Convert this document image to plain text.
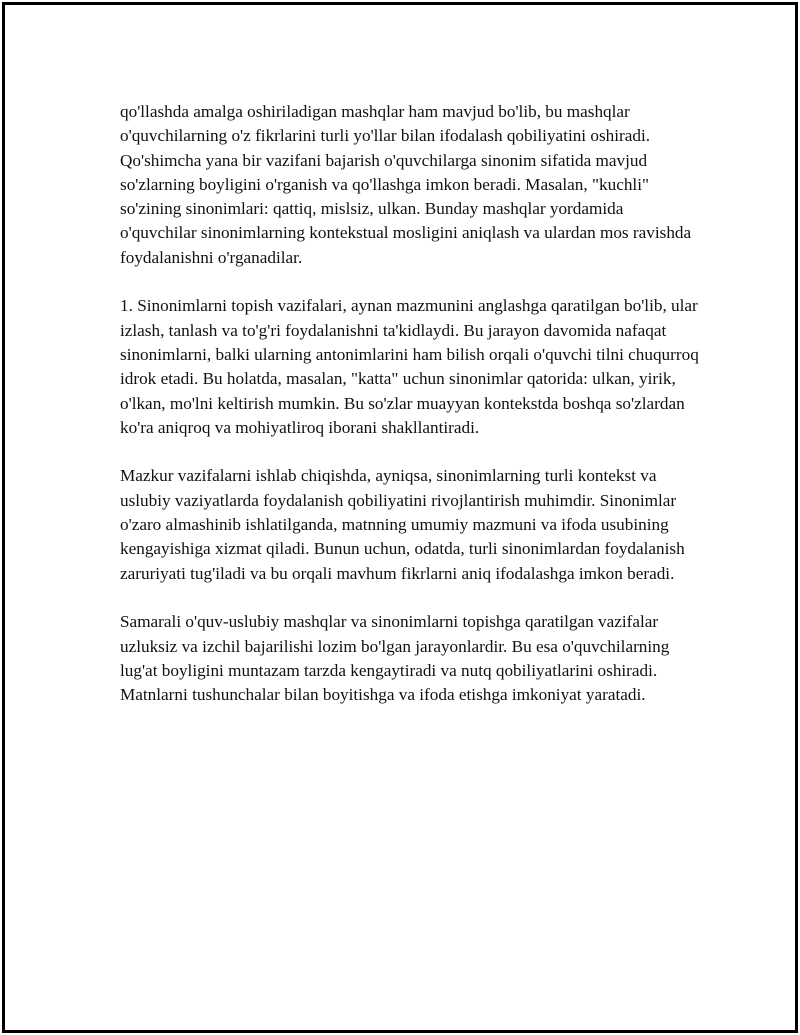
qo'llashda amalga oshiriladigan mashqlar ham mavjud bo'lib, bu mashqlar o'quvchilarning o'z fikrlarini turli yo'llar bilan ifodalash qobiliyatini oshiradi. Qo'shimcha yana bir vazifani bajarish o'quvchilarga sinonim sifatida mavjud so'zlarning boyligini o'rganish va qo'llashga imkon beradi. Masalan, "kuchli" so'zining sinonimlari: qattiq, mislsiz, ulkan. Bunday mashqlar yordamida o'quvchilar sinonimlarning kontekstual mosligini aniqlash va ulardan mos ravishda foydalanishni o'rganadilar.

1. Sinonimlarni topish vazifalari, aynan mazmunini anglashga qaratilgan bo'lib, ular izlash, tanlash va to'g'ri foydalanishni ta'kidlaydi. Bu jarayon davomida nafaqat sinonimlarni, balki ularning antonimlarini ham bilish orqali o'quvchi tilni chuqurroq idrok etadi. Bu holatda, masalan, "katta" uchun sinonimlar qatorida: ulkan, yirik, o'lkan, mo'lni keltirish mumkin. Bu so'zlar muayyan kontekstda boshqa so'zlardan ko'ra aniqroq va mohiyatliroq iborani shakllantiradi.

Mazkur vazifalarni ishlab chiqishda, ayniqsa, sinonimlarning turli kontekst va uslubiy vaziyatlarda foydalanish qobiliyatini rivojlantirish muhimdir. Sinonimlar o'zaro almashinib ishlatilganda, matnning umumiy mazmuni va ifoda usubining kengayishiga xizmat qiladi. Bunun uchun, odatda, turli sinonimlardan foydalanish zaruriyati tug'iladi va bu orqali mavhum fikrlarni aniq ifodalashga imkon beradi.

Samarali o'quv-uslubiy mashqlar va sinonimlarni topishga qaratilgan vazifalar uzluksiz va izchil bajarilishi lozim bo'lgan jarayonlardir. Bu esa o'quvchilarning lug'at boyligini muntazam tarzda kengaytiradi va nutq qobiliyatlarini oshiradi. Matnlarni tushunchalar bilan boyitishga va ifoda etishga imkoniyat yaratadi.
